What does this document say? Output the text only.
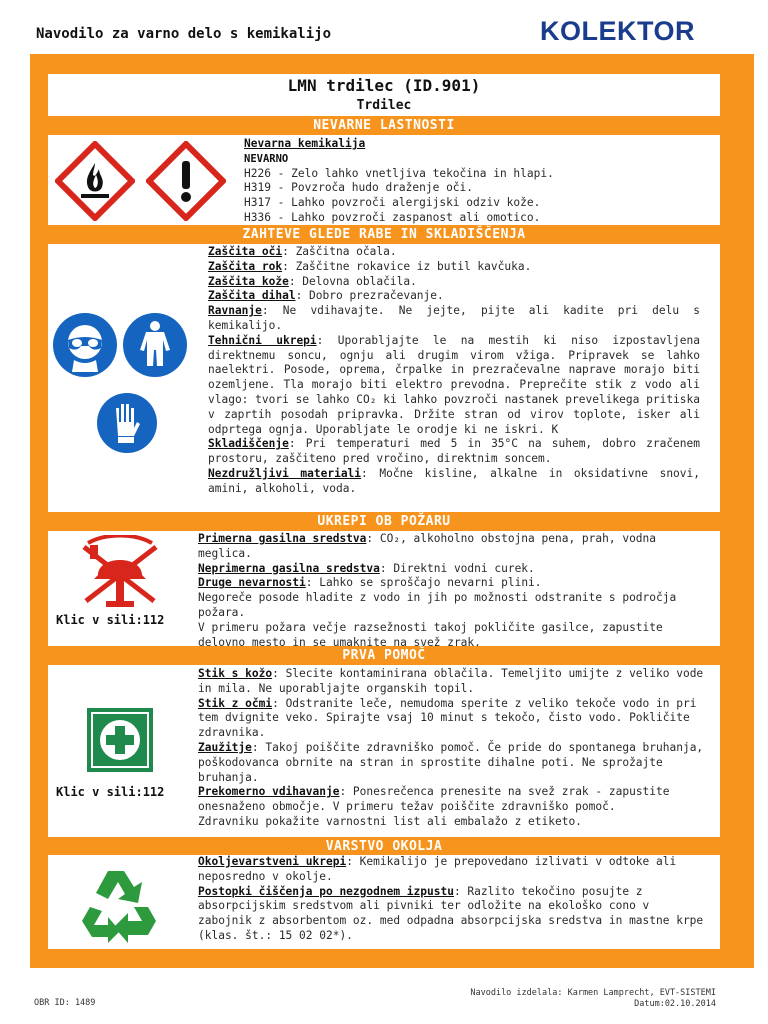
Navodilo za varno delo s kemikalijo	KOLEKTOR
LMN trdilec (ID.901)
Trdilec
NEVARNE LASTNOSTI

Nevarna kemikalija

NEVARNO

H226 - Zelo lahko vnetljiva tekočina in hlapi.

H319 - Povzroča hudo draženje oči.

H317 - Lahko povzroči alergijski odziv kože.

H336 - Lahko povzroči zaspanost ali omotico.

ZAHTEVE GLEDE RABE IN SKLADIŠČENJA

Zaščita oči: Zaščitna očala.

Zaščita rok: Zaščitne rokavice iz butil kavčuka.

Zaščita kože: Delovna oblačila.

Zaščita dihal: Dobro prezračevanje.

Ravnanje: Ne vdihavajte. Ne jejte, pijte ali kadite pri delu s kemikalijo.

Tehnični ukrepi: Uporabljajte le na mestih ki niso izpostavljena direktnemu soncu, ognju ali drugim virom vžiga. Pripravek se lahko naelektri. Posode, oprema, črpalke in prezračevalne naprave morajo biti ozemljene. Tla morajo biti elektro prevodna. Preprečite stik z vodo ali vlago: tvori se lahko CO₂ ki lahko povzroči nastanek prevelikega pritiska v zaprtih posodah pripravka. Držite stran od virov toplote, isker ali odprtega ognja. Uporabljate le orodje ki ne iskri. K

Skladiščenje: Pri temperaturi med 5 in 35°C na suhem, dobro zračenem prostoru, zaščiteno pred vročino, direktnim soncem.

Nezdružljivi materiali: Močne kisline, alkalne in oksidativne snovi, amini, alkoholi, voda.

UKREPI OB POŽARU
Klic v sili:112

Primerna gasilna sredstva: CO₂, alkoholno obstojna pena, prah, vodna meglica.

Neprimerna gasilna sredstva: Direktni vodni curek.

Druge nevarnosti: Lahko se sproščajo nevarni plini.

Negoreče posode hladite z vodo in jih po možnosti odstranite s področja požara.

V primeru požara večje razsežnosti takoj pokličite gasilce, zapustite delovno mesto in se umaknite na svež zrak.

PRVA POMOČ
Klic v sili:112

Stik s kožo: Slecite kontaminirana oblačila. Temeljito umijte z veliko vode in mila. Ne uporabljajte organskih topil.

Stik z očmi: Odstranite leče, nemudoma sperite z veliko tekoče vodo in pri tem dvignite veko. Spirajte vsaj 10 minut s tekočo, čisto vodo. Pokličite zdravnika.

Zaužitje: Takoj poiščite zdravniško pomoč. Če pride do spontanega bruhanja, poškodovanca obrnite na stran in sprostite dihalne poti. Ne sprožajte bruhanja.

Prekomerno vdihavanje: Ponesrečenca prenesite na svež zrak - zapustite onesnaženo območje. V primeru težav poiščite zdravniško pomoč.

Zdravniku pokažite varnostni list ali embalažo z etiketo.

VARSTVO OKOLJA

Okoljevarstveni ukrepi: Kemikalijo je prepovedano izlivati v odtoke ali neposredno v okolje.

Postopki čiščenja po nezgodnem izpustu: Razlito tekočino posujte z absorpcijskim sredstvom ali pivniki ter odložite na ekološko cono v zabojnik z absorbentom oz. med odpadna absorpcijska sredstva in mastne krpe (klas. št.: 15 02 02*).

OBR ID: 1489
Navodilo izdelala: Karmen Lamprecht, EVT-SISTEMI
Datum:02.10.2014
